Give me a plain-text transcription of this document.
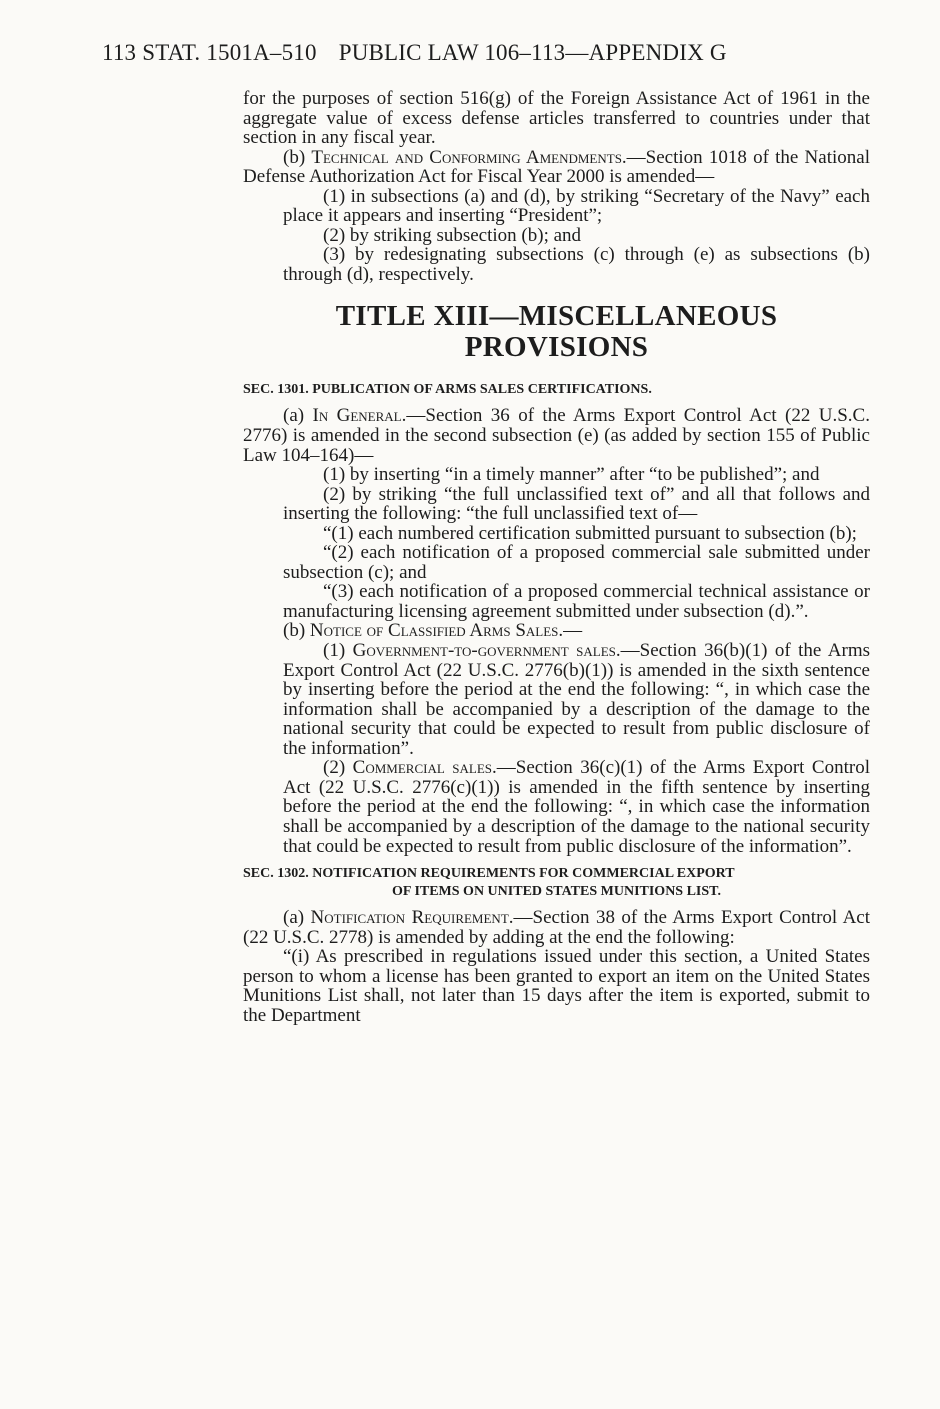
113 STAT. 1501A–510 PUBLIC LAW 106–113—APPENDIX G

for the purposes of section 516(g) of the Foreign Assistance Act of 1961 in the aggregate value of excess defense articles transferred to countries under that section in any fiscal year.

(b) Technical and Conforming Amendments.—Section 1018 of the National Defense Authorization Act for Fiscal Year 2000 is amended—

(1) in subsections (a) and (d), by striking “Secretary of the Navy” each place it appears and inserting “President”;

(2) by striking subsection (b); and

(3) by redesignating subsections (c) through (e) as subsections (b) through (d), respectively.

TITLE XIII—MISCELLANEOUS
PROVISIONS
SEC. 1301. PUBLICATION OF ARMS SALES CERTIFICATIONS.

(a) In General.—Section 36 of the Arms Export Control Act (22 U.S.C. 2776) is amended in the second subsection (e) (as added by section 155 of Public Law 104–164)—

(1) by inserting “in a timely manner” after “to be published”; and

(2) by striking “the full unclassified text of” and all that follows and inserting the following: “the full unclassified text of—

“(1) each numbered certification submitted pursuant to subsection (b);

“(2) each notification of a proposed commercial sale submitted under subsection (c); and

“(3) each notification of a proposed commercial technical assistance or manufacturing licensing agreement submitted under subsection (d).”.

(b) Notice of Classified Arms Sales.—

(1) Government-to-government sales.—Section 36(b)(1) of the Arms Export Control Act (22 U.S.C. 2776(b)(1)) is amended in the sixth sentence by inserting before the period at the end the following: “, in which case the information shall be accompanied by a description of the damage to the national security that could be expected to result from public disclosure of the information”.

(2) Commercial sales.—Section 36(c)(1) of the Arms Export Control Act (22 U.S.C. 2776(c)(1)) is amended in the fifth sentence by inserting before the period at the end the following: “, in which case the information shall be accompanied by a description of the damage to the national security that could be expected to result from public disclosure of the information”.

SEC. 1302. NOTIFICATION REQUIREMENTS FOR COMMERCIAL EXPORT
OF ITEMS ON UNITED STATES MUNITIONS LIST.

(a) Notification Requirement.—Section 38 of the Arms Export Control Act (22 U.S.C. 2778) is amended by adding at the end the following:

“(i) As prescribed in regulations issued under this section, a United States person to whom a license has been granted to export an item on the United States Munitions List shall, not later than 15 days after the item is exported, submit to the Department
